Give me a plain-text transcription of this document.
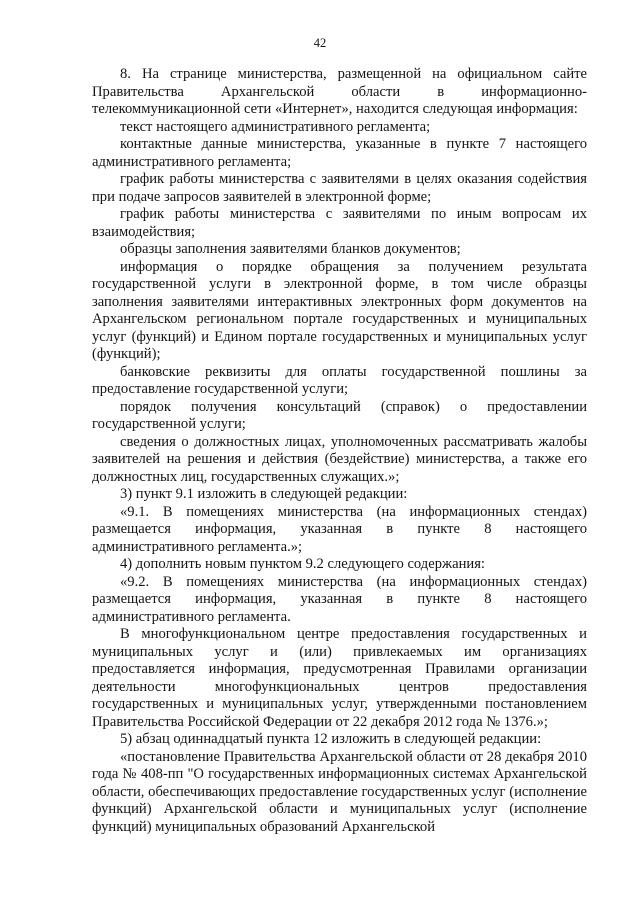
42

8. На странице министерства, размещенной на официальном сайте Правительства Архангельской области в информационно-телекоммуникационной сети «Интернет», находится следующая информация:

текст настоящего административного регламента;

контактные данные министерства, указанные в пункте 7 настоящего административного регламента;

график работы министерства с заявителями в целях оказания содействия при подаче запросов заявителей в электронной форме;

график работы министерства с заявителями по иным вопросам их взаимодействия;

образцы заполнения заявителями бланков документов;

информация о порядке обращения за получением результата государственной услуги в электронной форме, в том числе образцы заполнения заявителями интерактивных электронных форм документов на Архангельском региональном портале государственных и муниципальных услуг (функций) и Едином портале государственных и муниципальных услуг (функций);

банковские реквизиты для оплаты государственной пошлины за предоставление государственной услуги;

порядок получения консультаций (справок) о предоставлении государственной услуги;

сведения о должностных лицах, уполномоченных рассматривать жалобы заявителей на решения и действия (бездействие) министерства, а также его должностных лиц, государственных служащих.»;

3) пункт 9.1 изложить в следующей редакции:

«9.1. В помещениях министерства (на информационных стендах) размещается информация, указанная в пункте 8 настоящего административного регламента.»;

4) дополнить новым пунктом 9.2 следующего содержания:

«9.2. В помещениях министерства (на информационных стендах) размещается информация, указанная в пункте 8 настоящего административного регламента.

В многофункциональном центре предоставления государственных и муниципальных услуг и (или) привлекаемых им организациях предоставляется информация, предусмотренная Правилами организации деятельности многофункциональных центров предоставления государственных и муниципальных услуг, утвержденными постановлением Правительства Российской Федерации от 22 декабря 2012 года № 1376.»;

5) абзац одиннадцатый пункта 12 изложить в следующей редакции:

«постановление Правительства Архангельской области от 28 декабря 2010 года № 408-пп "О государственных информационных системах Архангельской области, обеспечивающих предоставление государственных услуг (исполнение функций) Архангельской области и муниципальных услуг (исполнение функций) муниципальных образований Архангельской
